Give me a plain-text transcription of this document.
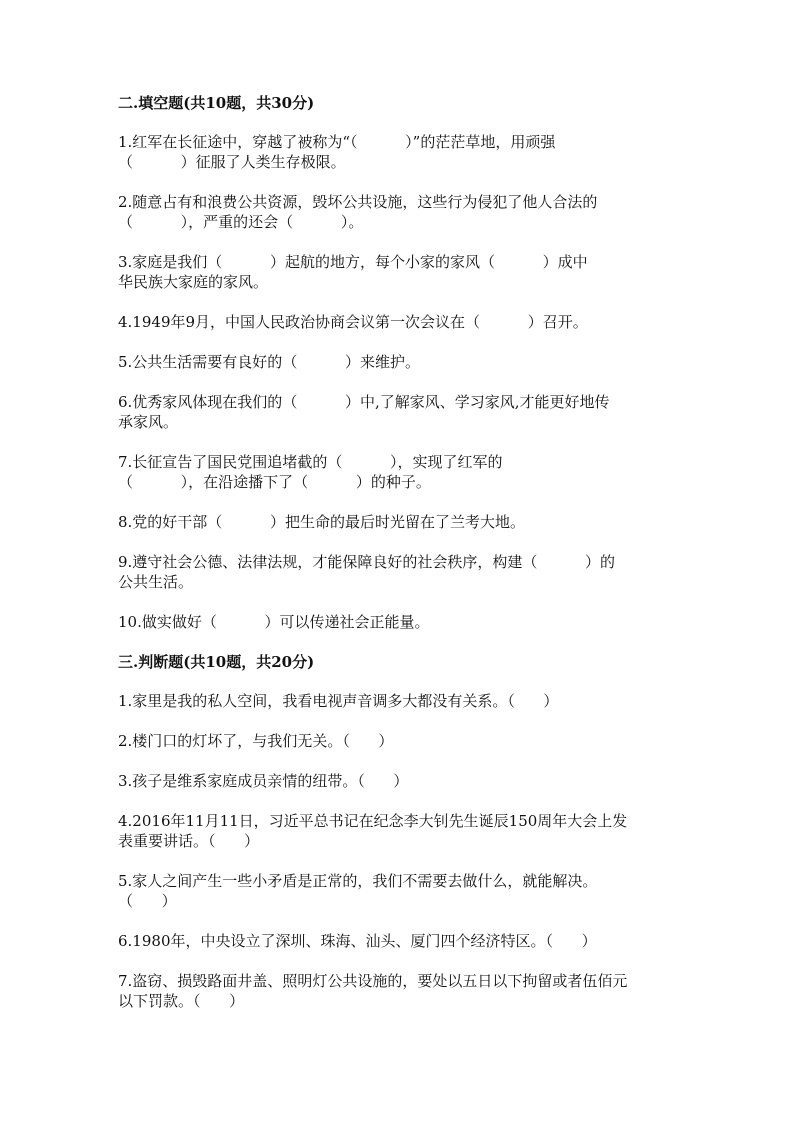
二.填空题(共10题，共30分)
1.红军在长征途中，穿越了被称为“（          ）”的茫茫草地，用顽强
（          ）征服了人类生存极限。
2.随意占有和浪费公共资源，毁坏公共设施，这些行为侵犯了他人合法的
（          ），严重的还会（          ）。
3.家庭是我们（          ）起航的地方，每个小家的家风（          ）成中
华民族大家庭的家风。
4.1949年9月，中国人民政治协商会议第一次会议在（          ）召开。
5.公共生活需要有良好的（          ）来维护。
6.优秀家风体现在我们的（          ）中,了解家风、学习家风,才能更好地传
承家风。
7.长征宣告了国民党围追堵截的（          ），实现了红军的
（          ），在沿途播下了（          ）的种子。
8.党的好干部（          ）把生命的最后时光留在了兰考大地。
9.遵守社会公德、法律法规，才能保障良好的社会秩序，构建（          ）的
公共生活。
10.做实做好（          ）可以传递社会正能量。
三.判断题(共10题，共20分)
1.家里是我的私人空间，我看电视声音调多大都没有关系。（      ）
2.楼门口的灯坏了，与我们无关。（      ）
3.孩子是维系家庭成员亲情的纽带。（      ）
4.2016年11月11日，习近平总书记在纪念李大钊先生诞辰150周年大会上发
表重要讲话。（      ）
5.家人之间产生一些小矛盾是正常的，我们不需要去做什么，就能解决。
（      ）
6.1980年，中央设立了深圳、珠海、汕头、厦门四个经济特区。（      ）
7.盗窃、损毁路面井盖、照明灯公共设施的，要处以五日以下拘留或者伍佰元
以下罚款。（      ）
